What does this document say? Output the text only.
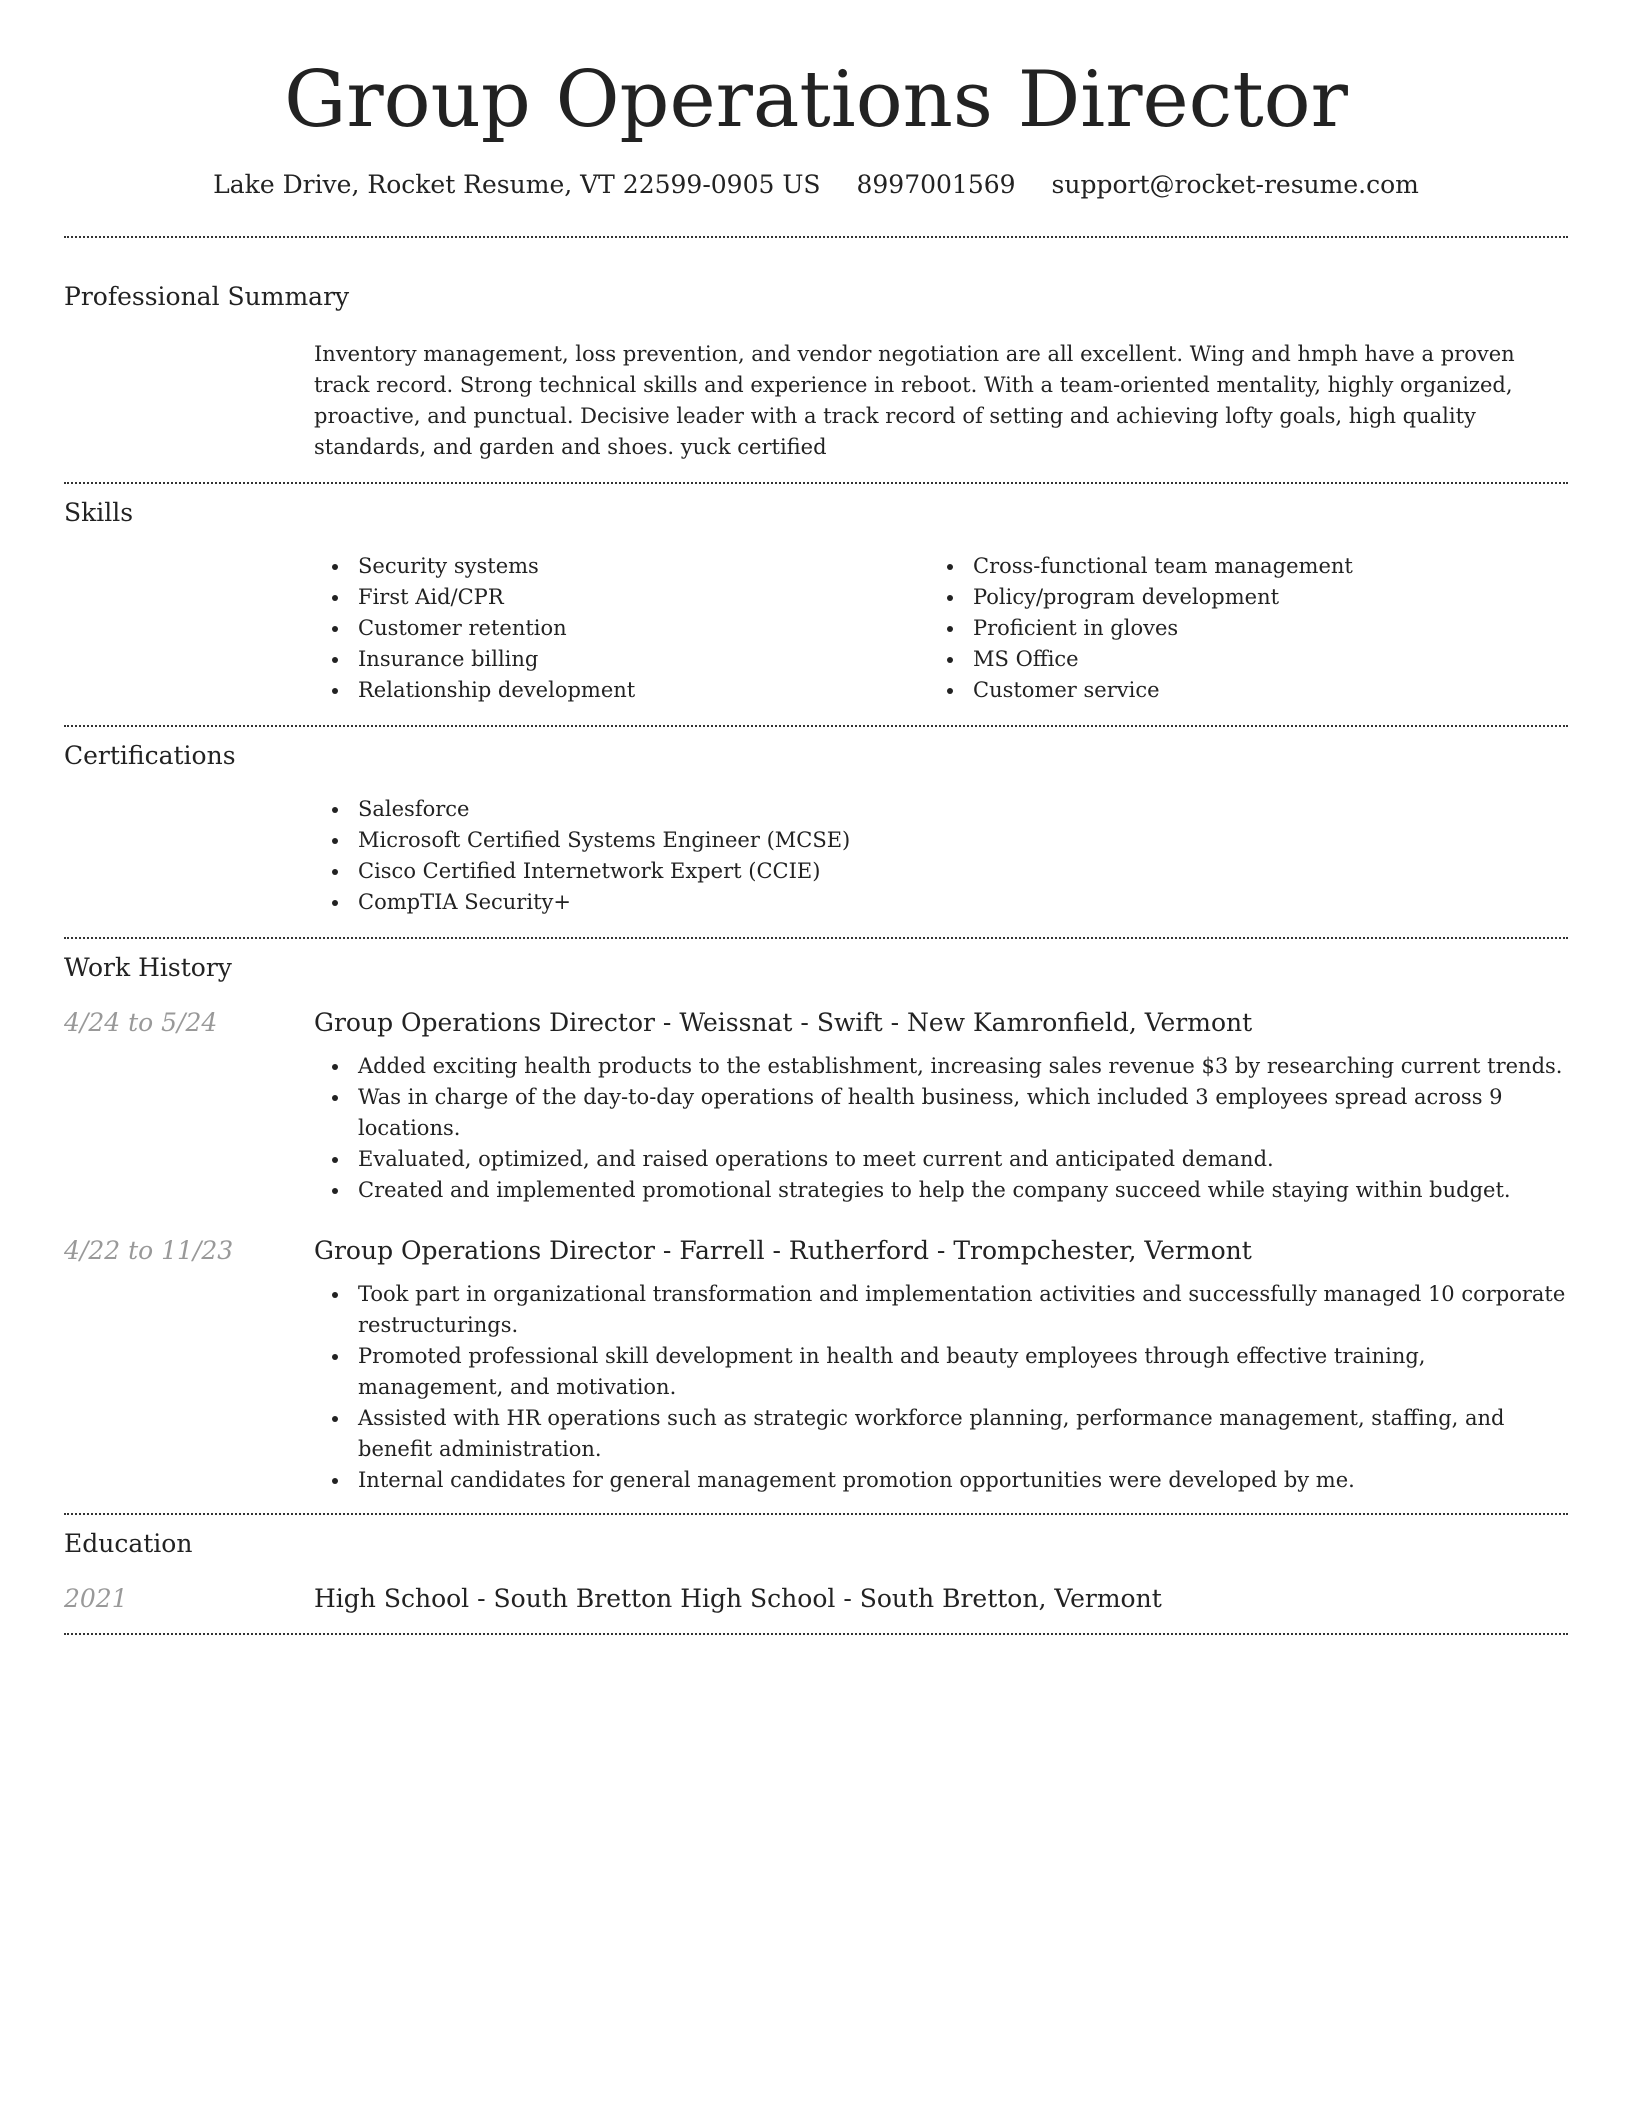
Group Operations Director
Lake Drive, Rocket Resume, VT 22599-0905 US 8997001569 support@rocket-resume.com
Professional Summary
Inventory management, loss prevention, and vendor negotiation are all excellent. Wing and hmph have a proven track record. Strong technical skills and experience in reboot. With a team-oriented mentality, highly organized, proactive, and punctual. Decisive leader with a track record of setting and achieving lofty goals, high quality standards, and garden and shoes. yuck certified
Skills
Security systems
First Aid/CPR
Customer retention
Insurance billing
Relationship development
Cross-functional team management
Policy/program development
Proficient in gloves
MS Office
Customer service
Certifications
Salesforce
Microsoft Certified Systems Engineer (MCSE)
Cisco Certified Internetwork Expert (CCIE)
CompTIA Security+
Work History
4/24 to 5/24	Group Operations Director - Weissnat - Swift - New Kamronfield, Vermont
Added exciting health products to the establishment, increasing sales revenue $3 by researching current trends.
Was in charge of the day-to-day operations of health business, which included 3 employees spread across 9 locations.
Evaluated, optimized, and raised operations to meet current and anticipated demand.
Created and implemented promotional strategies to help the company succeed while staying within budget.
4/22 to 11/23	Group Operations Director - Farrell - Rutherford - Trompchester, Vermont
Took part in organizational transformation and implementation activities and successfully managed 10 corporate restructurings.
Promoted professional skill development in health and beauty employees through effective training, management, and motivation.
Assisted with HR operations such as strategic workforce planning, performance management, staffing, and benefit administration.
Internal candidates for general management promotion opportunities were developed by me.
Education
2021	High School - South Bretton High School - South Bretton, Vermont
